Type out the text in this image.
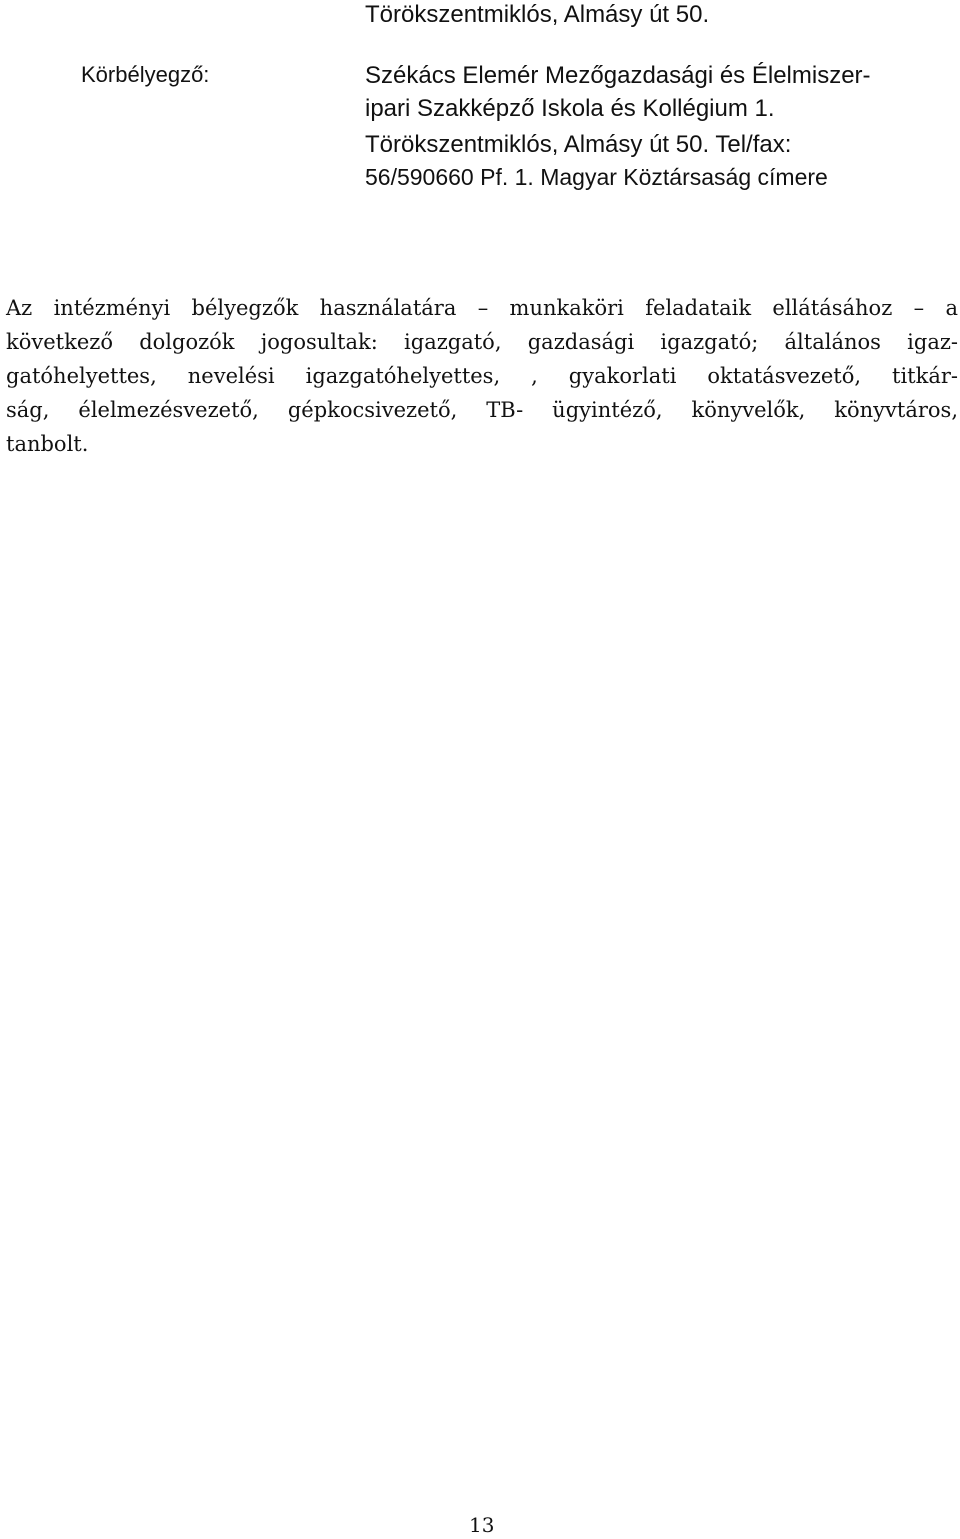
Törökszentmiklós, Almásy út 50.
Körbélyegző:	Székács Elemér Mezőgazdasági és Élelmiszer-
ipari Szakképző Iskola és Kollégium 1.
Törökszentmiklós, Almásy út 50. Tel/fax:
56/590660 Pf. 1. Magyar Köztársaság címere
Az intézményi bélyegzők használatára – munkaköri feladataik ellátásához – a
következő dolgozók jogosultak: igazgató, gazdasági igazgató; általános igaz-
gatóhelyettes, nevelési igazgatóhelyettes, , gyakorlati oktatásvezető, titkár-
ság, élelmezésvezető, gépkocsivezető, TB- ügyintéző, könyvelők, könyvtáros,
tanbolt.
13
